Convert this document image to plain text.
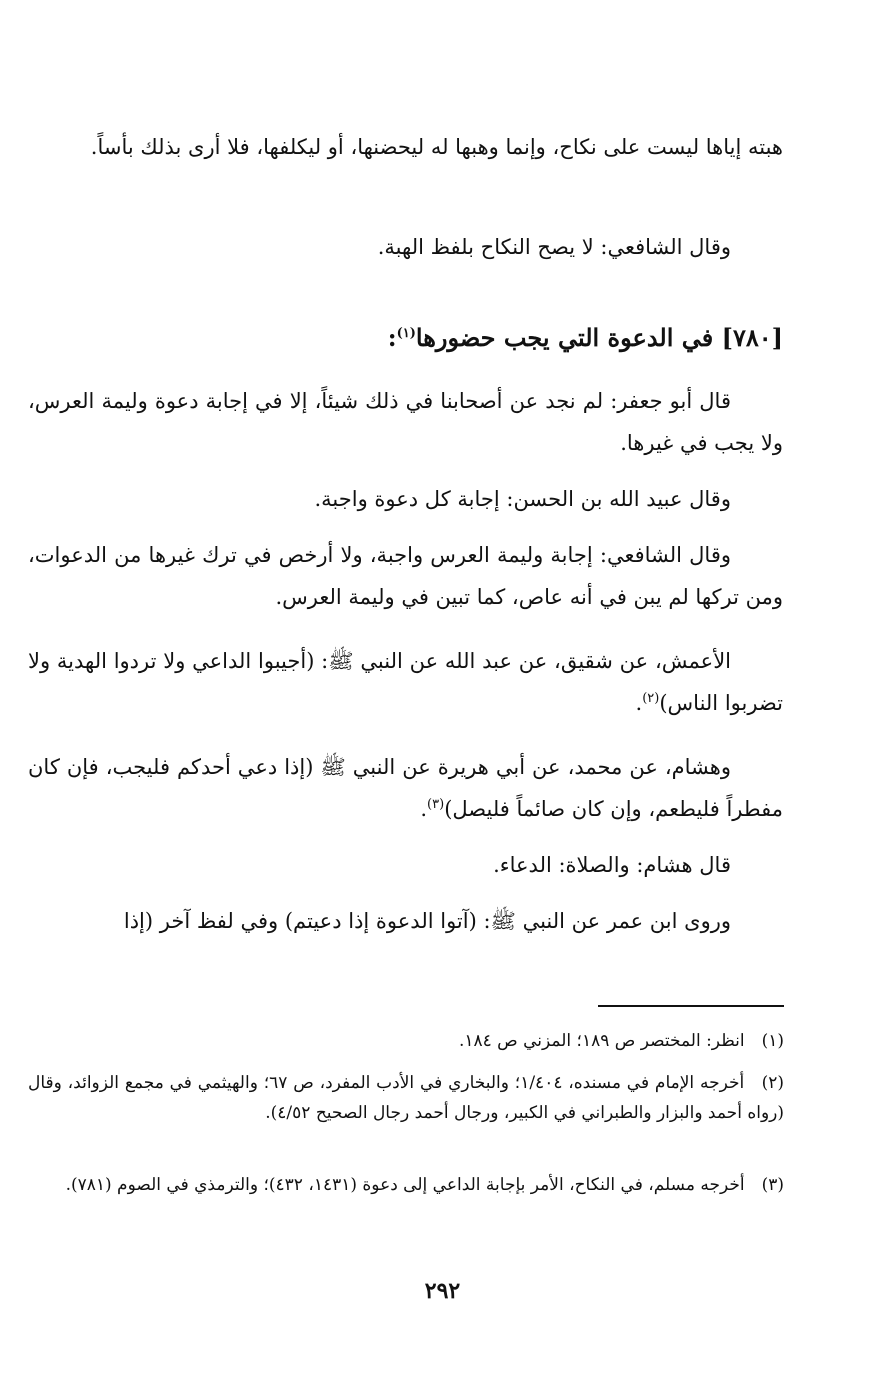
هبته إياها ليست على نكاح، وإنما وهبها له ليحضنها، أو ليكلفها، فلا أرى بذلك بأساً.

وقال الشافعي: لا يصح النكاح بلفظ الهبة.

[٧٨٠] في الدعوة التي يجب حضورها$^{(١)}$:

قال أبو جعفر: لم نجد عن أصحابنا في ذلك شيئاً، إلا في إجابة دعوة وليمة العرس، ولا يجب في غيرها.

وقال عبيد الله بن الحسن: إجابة كل دعوة واجبة.

وقال الشافعي: إجابة وليمة العرس واجبة، ولا أرخص في ترك غيرها من الدعوات، ومن تركها لم يبن في أنه عاص، كما تبين في وليمة العرس.

الأعمش، عن شقيق، عن عبد الله عن النبي ﷺ: (أجيبوا الداعي ولا تردوا الهدية ولا تضربوا الناس)$^{(٢)}$.

وهشام، عن محمد، عن أبي هريرة عن النبي ﷺ (إذا دعي أحدكم فليجب، فإن كان مفطراً فليطعم، وإن كان صائماً فليصل)$^{(٣)}$.

قال هشام: والصلاة: الدعاء.

وروى ابن عمر عن النبي ﷺ: (آتوا الدعوة إذا دعيتم) وفي لفظ آخر (إذا

(١) انظر: المختصر ص ١٨٩؛ المزني ص ١٨٤.
(٢) أخرجه الإمام في مسنده، ١/٤٠٤؛ والبخاري في الأدب المفرد، ص ٦٧؛ والهيثمي في مجمع الزوائد، وقال (رواه أحمد والبزار والطبراني في الكبير، ورجال أحمد رجال الصحيح ٤/٥٢).
(٣) أخرجه مسلم، في النكاح، الأمر بإجابة الداعي إلى دعوة (١٤٣١، ٤٣٢)؛ والترمذي في الصوم (٧٨١).
٢٩٢
